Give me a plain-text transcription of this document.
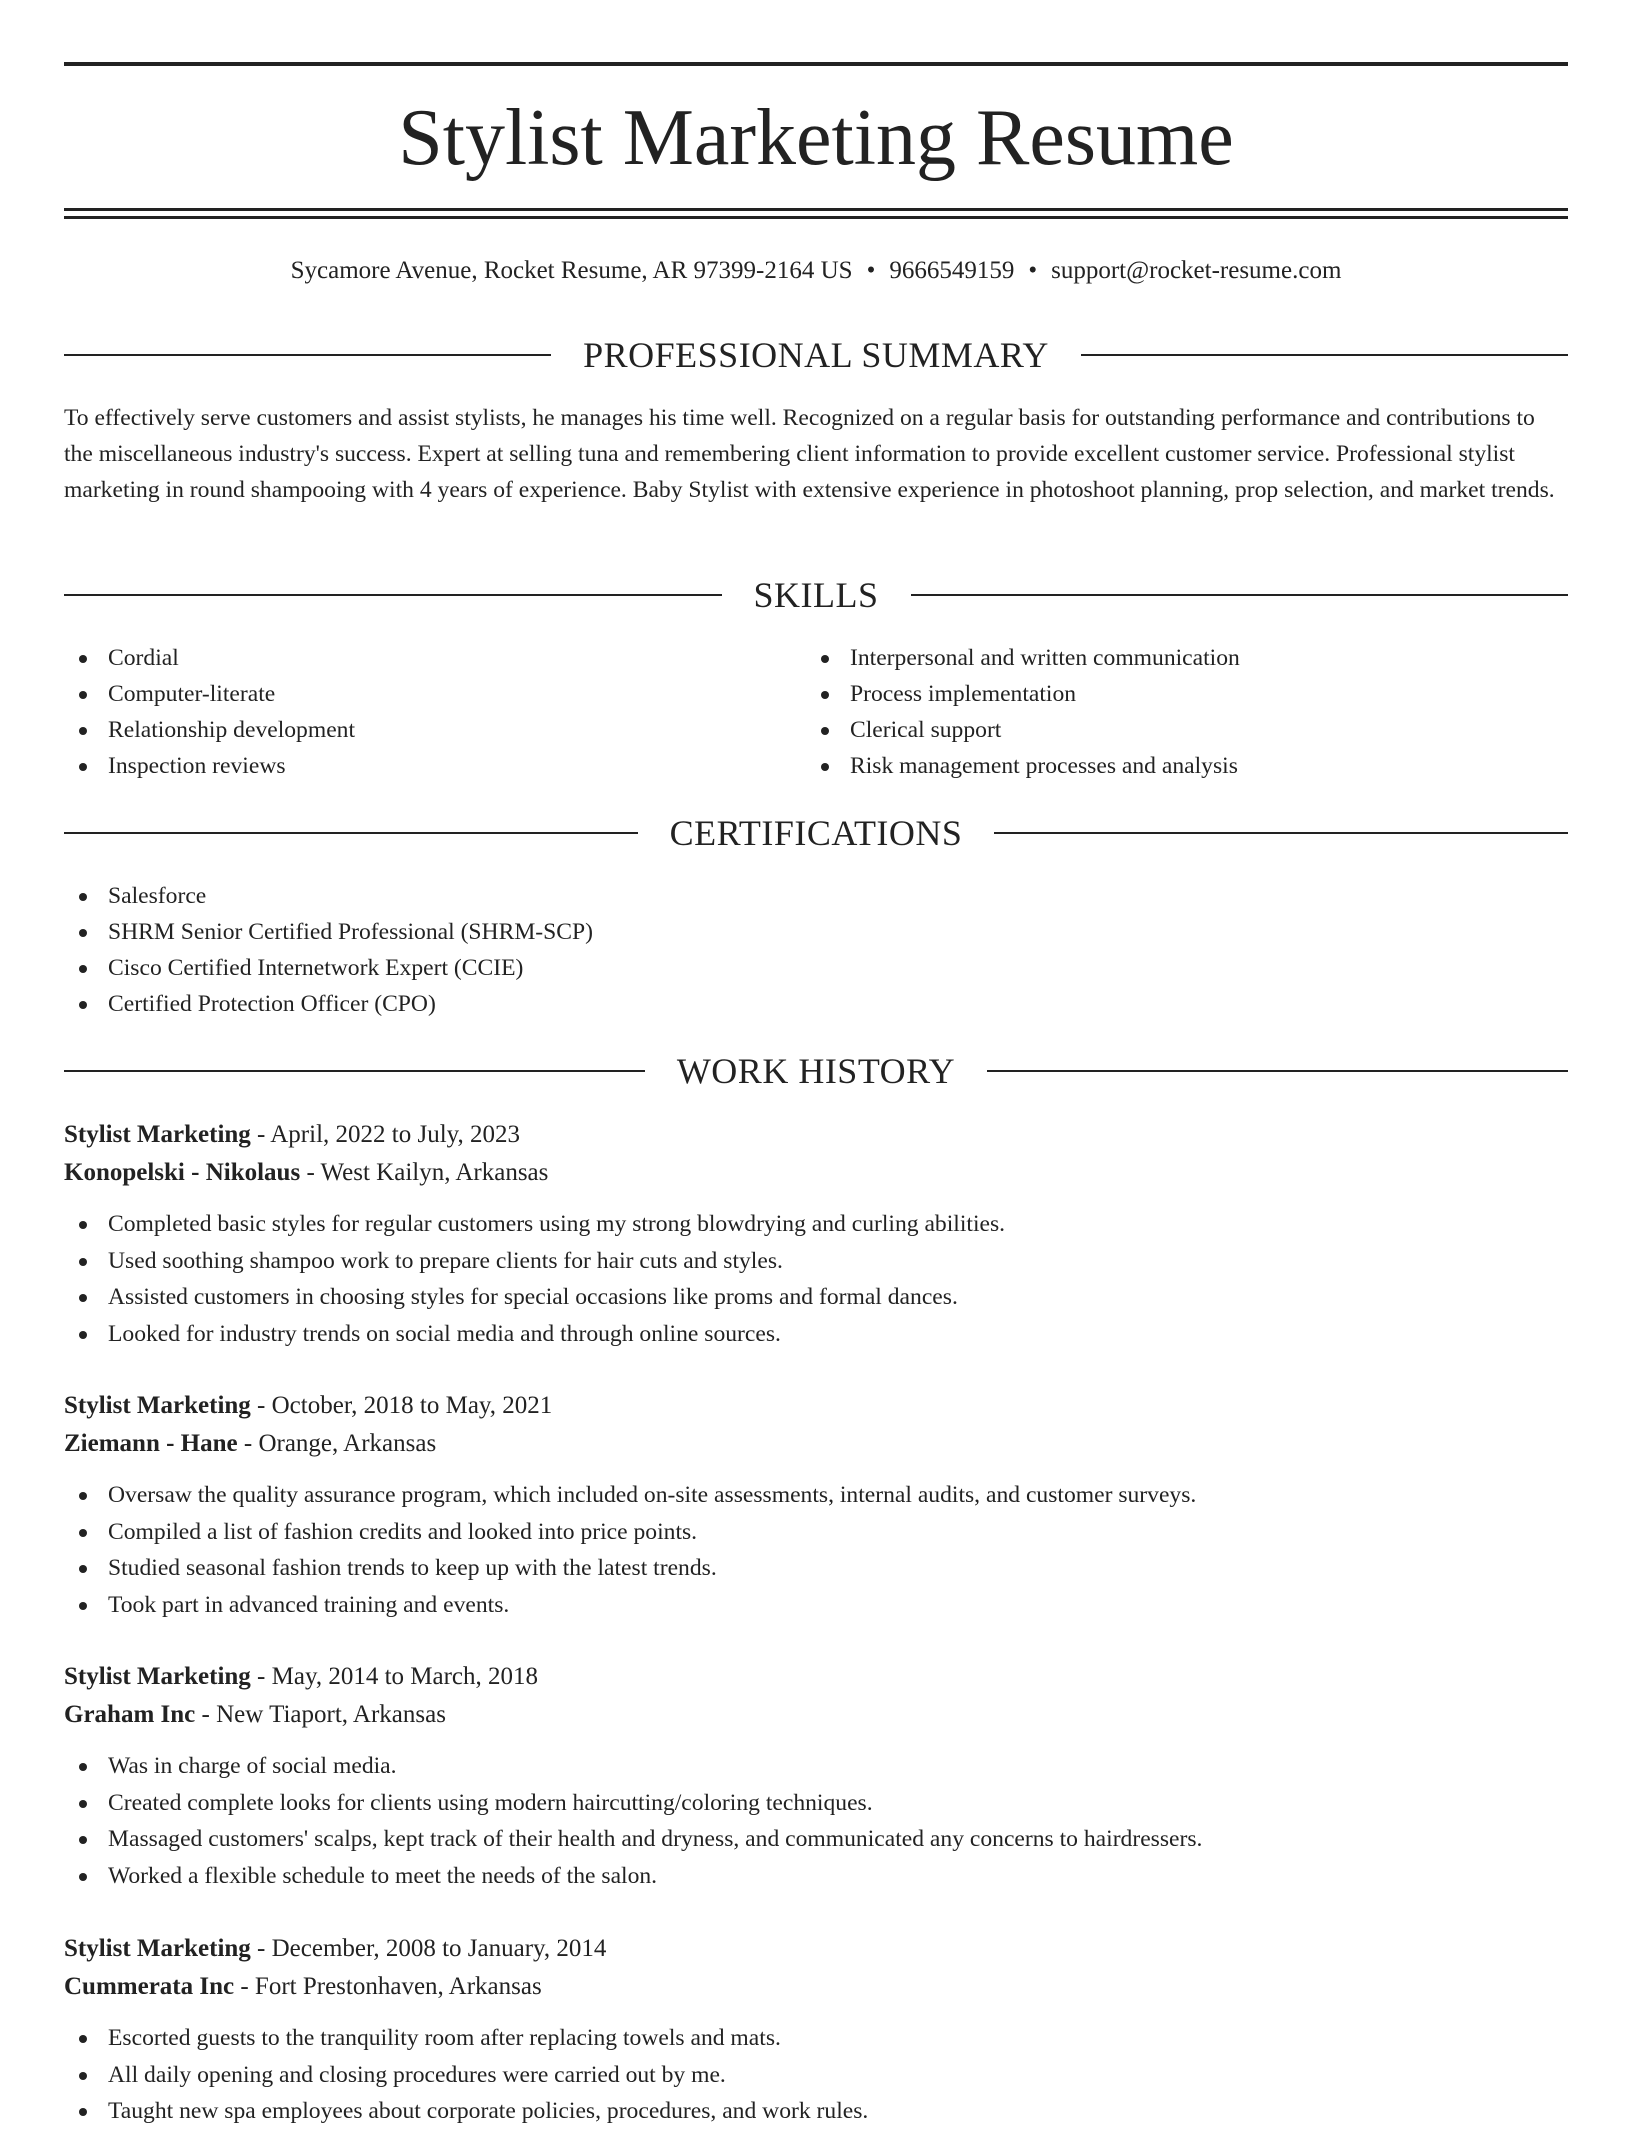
Stylist Marketing Resume
Sycamore Avenue, Rocket Resume, AR 97399-2164 US • 9666549159 • support@rocket-resume.com
PROFESSIONAL SUMMARY

To effectively serve customers and assist stylists, he manages his time well. Recognized on a regular basis for outstanding performance and contributions to the miscellaneous industry's success. Expert at selling tuna and remembering client information to provide excellent customer service. Professional stylist marketing in round shampooing with 4 years of experience. Baby Stylist with extensive experience in photoshoot planning, prop selection, and market trends.

SKILLS
Cordial
Computer-literate
Relationship development
Inspection reviews
Interpersonal and written communication
Process implementation
Clerical support
Risk management processes and analysis
CERTIFICATIONS
Salesforce
SHRM Senior Certified Professional (SHRM-SCP)
Cisco Certified Internetwork Expert (CCIE)
Certified Protection Officer (CPO)
WORK HISTORY
Stylist Marketing - April, 2022 to July, 2023
Konopelski - Nikolaus - West Kailyn, Arkansas
Completed basic styles for regular customers using my strong blowdrying and curling abilities.
Used soothing shampoo work to prepare clients for hair cuts and styles.
Assisted customers in choosing styles for special occasions like proms and formal dances.
Looked for industry trends on social media and through online sources.
Stylist Marketing - October, 2018 to May, 2021
Ziemann - Hane - Orange, Arkansas
Oversaw the quality assurance program, which included on-site assessments, internal audits, and customer surveys.
Compiled a list of fashion credits and looked into price points.
Studied seasonal fashion trends to keep up with the latest trends.
Took part in advanced training and events.
Stylist Marketing - May, 2014 to March, 2018
Graham Inc - New Tiaport, Arkansas
Was in charge of social media.
Created complete looks for clients using modern haircutting/coloring techniques.
Massaged customers' scalps, kept track of their health and dryness, and communicated any concerns to hairdressers.
Worked a flexible schedule to meet the needs of the salon.
Stylist Marketing - December, 2008 to January, 2014
Cummerata Inc - Fort Prestonhaven, Arkansas
Escorted guests to the tranquility room after replacing towels and mats.
All daily opening and closing procedures were carried out by me.
Taught new spa employees about corporate policies, procedures, and work rules.
